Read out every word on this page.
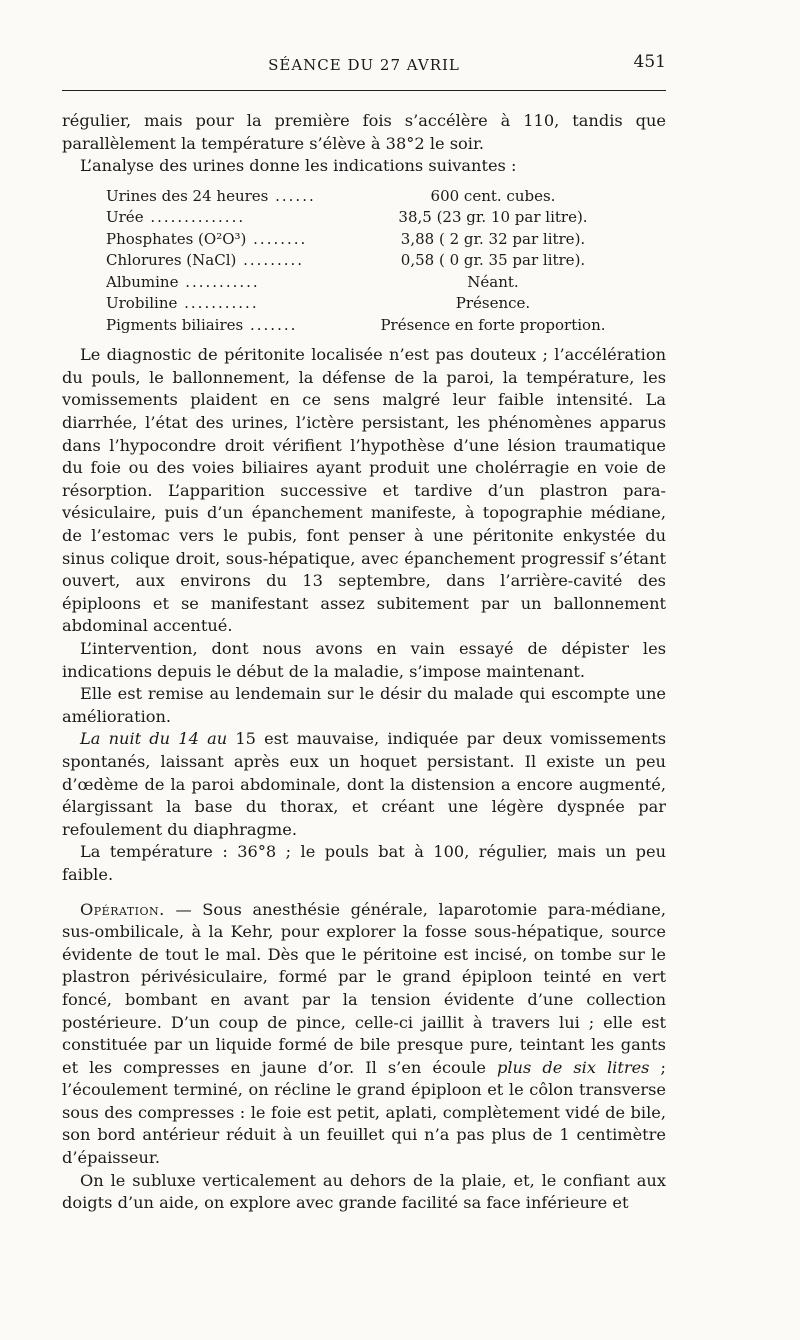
SÉANCE DU 27 AVRIL	451

régulier, mais pour la première fois s’accélère à 110, tandis que parallèlement la température s’élève à 38°2 le soir.

L’analyse des urines donne les indications suivantes :

Urines des 24 heures ......	600 cent. cubes.
Urée ..............	38,5 (23 gr. 10 par litre).
Phosphates (O²O³) ........	3,88 ( 2 gr. 32 par litre).
Chlorures (NaCl) .........	0,58 ( 0 gr. 35 par litre).
Albumine ...........	Néant.
Urobiline ...........	Présence.
Pigments biliaires .......	Présence en forte proportion.

Le diagnostic de péritonite localisée n’est pas douteux ; l’accélération du pouls, le ballonnement, la défense de la paroi, la température, les vomissements plaident en ce sens malgré leur faible intensité. La diarrhée, l’état des urines, l’ictère persistant, les phénomènes apparus dans l’hypocondre droit vérifient l’hypothèse d’une lésion traumatique du foie ou des voies biliaires ayant produit une cholérragie en voie de résorption. L’apparition successive et tardive d’un plastron para-vésiculaire, puis d’un épanchement manifeste, à topographie médiane, de l’estomac vers le pubis, font penser à une péritonite enkystée du sinus colique droit, sous-hépatique, avec épanchement progressif s’étant ouvert, aux environs du 13 septembre, dans l’arrière-cavité des épiploons et se manifestant assez subitement par un ballonnement abdominal accentué.

L’intervention, dont nous avons en vain essayé de dépister les indications depuis le début de la maladie, s’impose maintenant.

Elle est remise au lendemain sur le désir du malade qui escompte une amélioration.

La nuit du 14 au 15 est mauvaise, indiquée par deux vomissements spontanés, laissant après eux un hoquet persistant. Il existe un peu d’œdème de la paroi abdominale, dont la distension a encore augmenté, élargissant la base du thorax, et créant une légère dyspnée par refoulement du diaphragme.

La température : 36°8 ; le pouls bat à 100, régulier, mais un peu faible.

Opération. — Sous anesthésie générale, laparotomie para-médiane, sus-ombilicale, à la Kehr, pour explorer la fosse sous-hépatique, source évidente de tout le mal. Dès que le péritoine est incisé, on tombe sur le plastron périvésiculaire, formé par le grand épiploon teinté en vert foncé, bombant en avant par la tension évidente d’une collection postérieure. D’un coup de pince, celle-ci jaillit à travers lui ; elle est constituée par un liquide formé de bile presque pure, teintant les gants et les compresses en jaune d’or. Il s’en écoule plus de six litres ; l’écoulement terminé, on récline le grand épiploon et le côlon transverse sous des compresses : le foie est petit, aplati, complètement vidé de bile, son bord antérieur réduit à un feuillet qui n’a pas plus de 1 centimètre d’épaisseur.

On le subluxe verticalement au dehors de la plaie, et, le confiant aux doigts d’un aide, on explore avec grande facilité sa face inférieure et
